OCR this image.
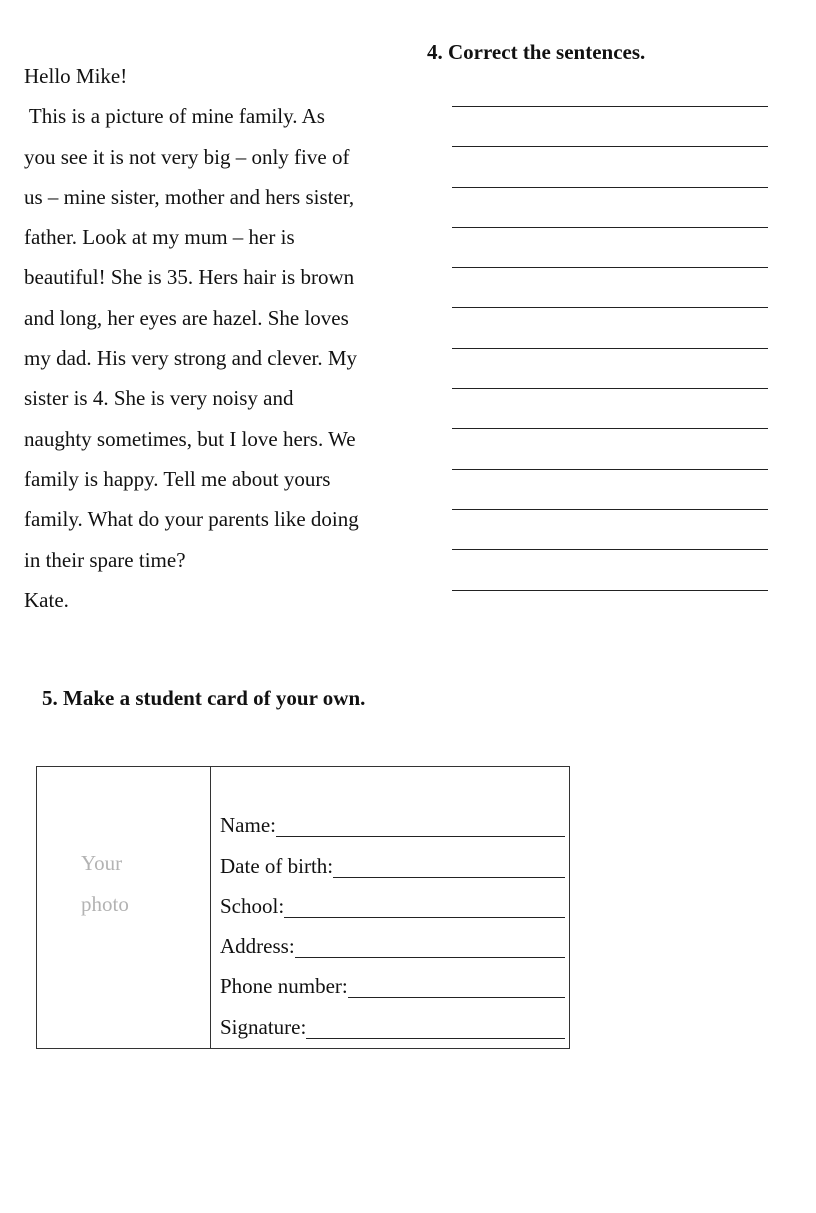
Hello Mike!
This is a picture of mine family. As
you see it is not very big – only five of
us – mine sister, mother and hers sister,
father. Look at my mum – her is
beautiful! She is 35. Hers hair is brown
and long, her eyes are hazel. She loves
my dad. His very strong and clever. My
sister is 4. She is very noisy and
naughty sometimes, but I love hers. We
family is happy. Tell me about yours
family. What do your parents like doing
in their spare time?
Kate.
4. Correct the sentences.
5. Make a student card of your own.
Your
photo
Name:
Date of birth:
School:
Address:
Phone number:
Signature:
